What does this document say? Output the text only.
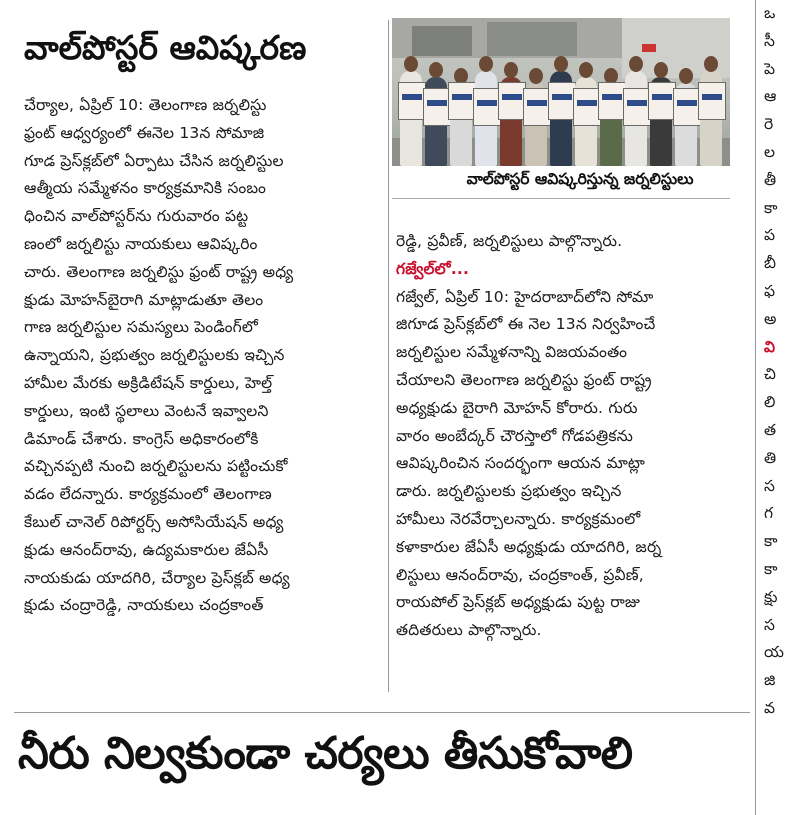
వాల్‌పోస్టర్ ఆవిష్కరణ

చేర్యాల, ఏప్రిల్ 10: తెలంగాణ జర్నలిస్టు

ఫ్రంట్ ఆధ్వర్యంలో ఈనెల 13న సోమాజి

గూడ ప్రెస్‌క్లబ్‌లో ఏర్పాటు చేసిన జర్నలిస్టుల

ఆత్మీయ సమ్మేళనం కార్యక్రమానికి సంబం

ధించిన వాల్‌పోస్టర్‌ను గురువారం పట్ట

ణంలో జర్నలిస్టు నాయకులు ఆవిష్కరిం

చారు. తెలంగాణ జర్నలిస్టు ఫ్రంట్ రాష్ట్ర అధ్య

క్షుడు మోహన్‌బైరాగి మాట్లాడుతూ తెలం

గాణ జర్నలిస్టుల సమస్యలు పెండింగ్‌లో

ఉన్నాయని, ప్రభుత్వం జర్నలిస్టులకు ఇచ్చిన

హామీల మేరకు అక్రిడిటేషన్ కార్డులు, హెల్త్

కార్డులు, ఇంటి స్థలాలు వెంటనే ఇవ్వాలని

డిమాండ్ చేశారు. కాంగ్రెస్ అధికారంలోకి

వచ్చినప్పటి నుంచి జర్నలిస్టులను పట్టించుకో

వడం లేదన్నారు. కార్యక్రమంలో తెలంగాణ

కేబుల్ చానెల్ రిపోర్టర్స్ అసోసియేషన్ అధ్య

క్షుడు ఆనంద్‌రావు, ఉద్యమకారుల జేఏసీ

నాయకుడు యాదగిరి, చేర్యాల ప్రెస్‌క్లబ్ అధ్య

క్షుడు చంద్రారెడ్డి, నాయకులు చంద్రకాంత్

వాల్‌పోస్టర్ ఆవిష్కరిస్తున్న జర్నలిస్టులు

రెడ్డి, ప్రవీణ్, జర్నలిస్టులు పాల్గొన్నారు.

గజ్వేల్‌లో...

గజ్వేల్, ఏప్రిల్ 10: హైదరాబాద్‌లోని సోమా

జిగూడ ప్రెస్‌క్లబ్‌లో ఈ నెల 13న నిర్వహించే

జర్నలిస్టుల సమ్మేళనాన్ని విజయవంతం

చేయాలని తెలంగాణ జర్నలిస్టు ఫ్రంట్ రాష్ట్ర

అధ్యక్షుడు బైరాగి మోహన్ కోరారు. గురు

వారం అంబేద్కర్ చౌరస్తాలో గోడపత్రికను

ఆవిష్కరించిన సందర్భంగా ఆయన మాట్లా

డారు. జర్నలిస్టులకు ప్రభుత్వం ఇచ్చిన

హామీలు నెరవేర్చాలన్నారు. కార్యక్రమంలో

కళాకారుల జేఏసీ అధ్యక్షుడు యాదగిరి, జర్న

లిస్టులు ఆనంద్‌రావు, చంద్రకాంత్, ప్రవీణ్,

రాయపోల్ ప్రెస్‌క్లబ్ అధ్యక్షుడు పుట్ట రాజు

తదితరులు పాల్గొన్నారు.

నీరు నిల్వకుండా చర్యలు తీసుకోవాలి
ఒ
సీ
పె
ఆ
రె
ల
తీ
కా
ప
బీ
ఫ
అ
వి
చి
లి
త
తి
స
గ
కా
కా
క్షు
స
య
జి
వ
